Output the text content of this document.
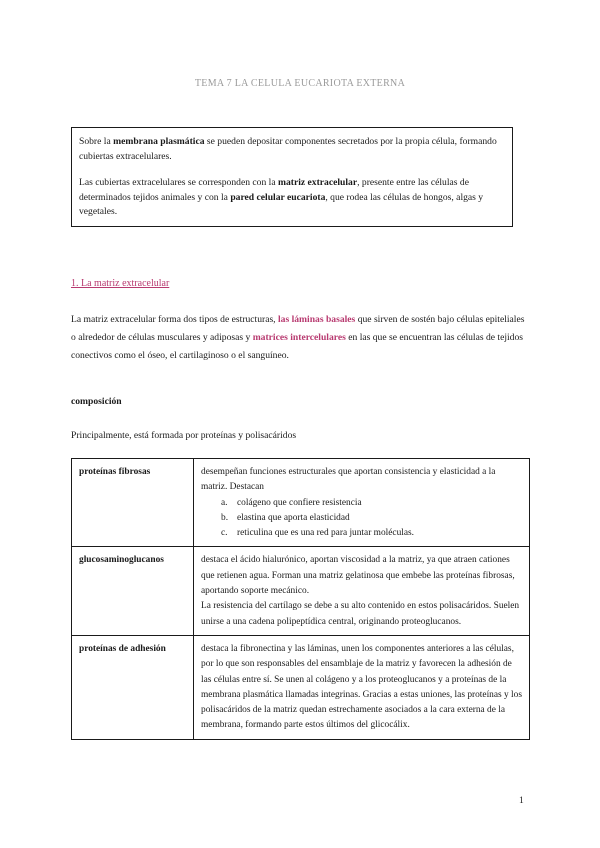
TEMA 7 LA CELULA EUCARIOTA EXTERNA

Sobre la membrana plasmática se pueden depositar componentes secretados por la propia célula, formando cubiertas extracelulares.

Las cubiertas extracelulares se corresponden con la matriz extracelular, presente entre las células de determinados tejidos animales y con la pared celular eucariota, que rodea las células de hongos, algas y vegetales.

1. La matriz extracelular
La matriz extracelular forma dos tipos de estructuras, las láminas basales que sirven de sostén bajo células epiteliales o alrededor de células musculares y adiposas y matrices intercelulares en las que se encuentran las células de tejidos conectivos como el óseo, el cartilaginoso o el sanguíneo.
composición
Principalmente, está formada por proteínas y polisacáridos
proteínas fibrosas	desempeñan funciones estructurales que aportan consistencia y elasticidad a la matriz. Destacan
a. colágeno que confiere resistencia
b. elastina que aporta elasticidad
c. reticulina que es una red para juntar moléculas.

glucosaminoglucanos	destaca el ácido hialurónico, aportan viscosidad a la matriz, ya que atraen cationes que retienen agua. Forman una matriz gelatinosa que embebe las proteínas fibrosas, aportando soporte mecánico.
La resistencia del cartílago se debe a su alto contenido en estos polisacáridos. Suelen unirse a una cadena polipeptídica central, originando proteoglucanos.

proteínas de adhesión	destaca la fibronectina y las láminas, unen los componentes anteriores a las células, por lo que son responsables del ensamblaje de la matriz y favorecen la adhesión de las células entre sí. Se unen al colágeno y a los proteoglucanos y a proteínas de la membrana plasmática llamadas integrinas. Gracias a estas uniones, las proteínas y los polisacáridos de la matriz quedan estrechamente asociados a la cara externa de la membrana, formando parte estos últimos del glicocálix.
1
